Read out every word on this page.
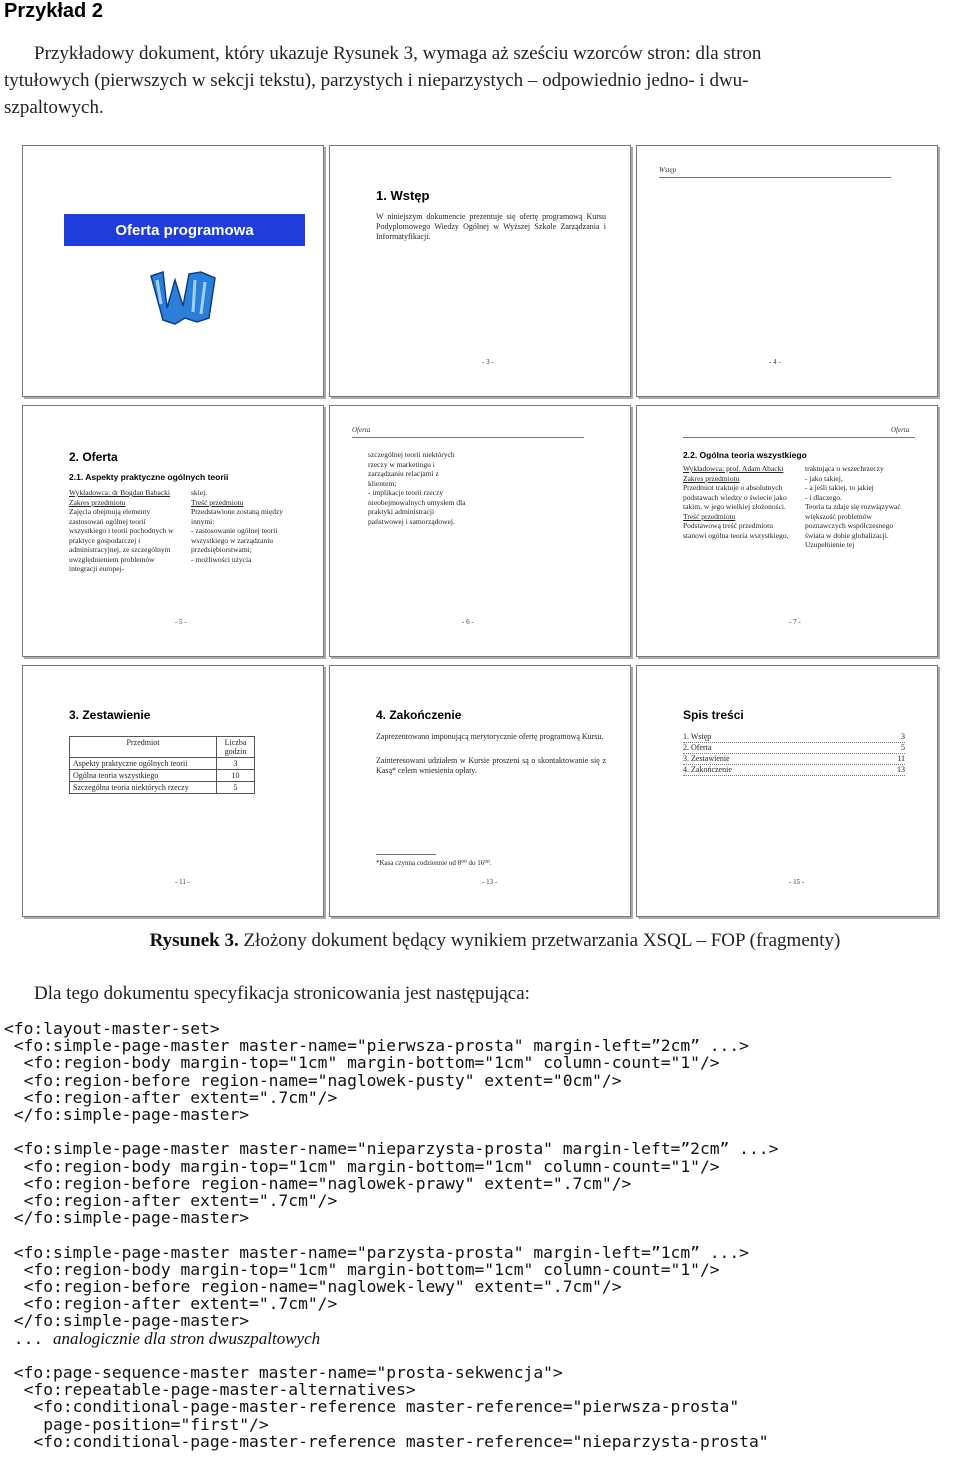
Przykład 2
Przykładowy dokument, który ukazuje Rysunek 3, wymaga aż sześciu wzorców stron: dla stron
tytułowych (pierwszych w sekcji tekstu), parzystych i nieparzystych – odpowiednio jedno- i dwu-
szpaltowych.
Oferta programowa
1. Wstęp
W niniejszym dokumencie prezentuje się ofertę programową Kursu Podyplomowego Wiedzy Ogólnej w Wyższej Szkole Zarządzania i Informatyfikacji.
- 3 -
Wstęp
- 4 -
2. Oferta
2.1. Aspekty praktyczne ogólnych teorii
Wykładowca: dr Bogdan Babacki
Zakres przedmiotu
Zajęcia obejmują elementy zastosowań ogólnej teorii wszystkiego i teorii pochodnych w praktyce gospodarczej i administracyjnej, ze szczególnym uwzględnieniem problemów integracji europej-
skiej.
Treść przedmiotu
Przedstawione zostaną między innymi:
- zastosowanie ogólnej teorii wszystkiego w zarządzaniu przedsiębiorstwami;
- możliwości użycia
- 5 -
Oferta
szczególnej teorii niektórych rzeczy w marketingu i zarządzaniu relacjami z klientem;
- implikacje teorii rzeczy nieobejmowalnych umysłem dla praktyki administracji państwowej i samorządowej.
- 6 -
Oferta
2.2. Ogólna teoria wszystkiego
Wykładowca: prof. Adam Abacki
Zakres przedmiotu
Przedmiot traktuje o absolutnych podstawach wiedzy o świecie jako takim, w jego wielkiej złożoności.
Treść przedmiotu
Podstawową treść przedmiotu stanowi ogólna teoria wszystkiego,
traktująca o wszechrzeczy
- jako takiej,
- a jeśli takiej, to jakiej
- i dlaczego.
Teoria ta zdaje się rozwiązywać większość problemów poznawczych współczesnego świata w dobie globalizacji.
Uzupełnienie tej
- 7 -
3. Zestawienie
Przedmiot	Liczba godzin
Aspekty praktyczne ogólnych teorii	3
Ogólna teoria wszystkiego	10
Szczególna teoria niektórych rzeczy	5
- 11 -
4. Zakończenie
Zaprezentowano imponującą merytorycznie ofertę programową Kursu.
Zainteresowani udziałem w Kursie proszeni są o skontaktowanie się z Kasą* celem wniesienia opłaty.
*Kasa czynna codziennie od 8⁰⁰ do 16⁰⁰.
- 13 -
Spis treści
1. Wstęp	3
2. Oferta	5
3. Zestawienie	11
4. Zakończenie	13
- 15 -
Rysunek 3. Złożony dokument będący wynikiem przetwarzania XSQL – FOP (fragmenty)
Dla tego dokumentu specyfikacja stronicowania jest następująca:
<fo:layout-master-set>
<fo:simple-page-master master-name="pierwsza-prosta" margin-left=”2cm” ...>
<fo:region-body margin-top="1cm" margin-bottom="1cm" column-count="1"/>
<fo:region-before region-name="naglowek-pusty" extent="0cm"/>
<fo:region-after extent=".7cm"/>
</fo:simple-page-master>
<fo:simple-page-master master-name="nieparzysta-prosta" margin-left=”2cm” ...>
<fo:region-body margin-top="1cm" margin-bottom="1cm" column-count="1"/>
<fo:region-before region-name="naglowek-prawy" extent=".7cm"/>
<fo:region-after extent=".7cm"/>
</fo:simple-page-master>
<fo:simple-page-master master-name="parzysta-prosta" margin-left=”1cm” ...>
<fo:region-body margin-top="1cm" margin-bottom="1cm" column-count="1"/>
<fo:region-before region-name="naglowek-lewy" extent=".7cm"/>
<fo:region-after extent=".7cm"/>
</fo:simple-page-master>
... analogicznie dla stron dwuszpaltowych
<fo:page-sequence-master master-name="prosta-sekwencja">
<fo:repeatable-page-master-alternatives>
<fo:conditional-page-master-reference master-reference="pierwsza-prosta"
page-position="first"/>
<fo:conditional-page-master-reference master-reference="nieparzysta-prosta"
